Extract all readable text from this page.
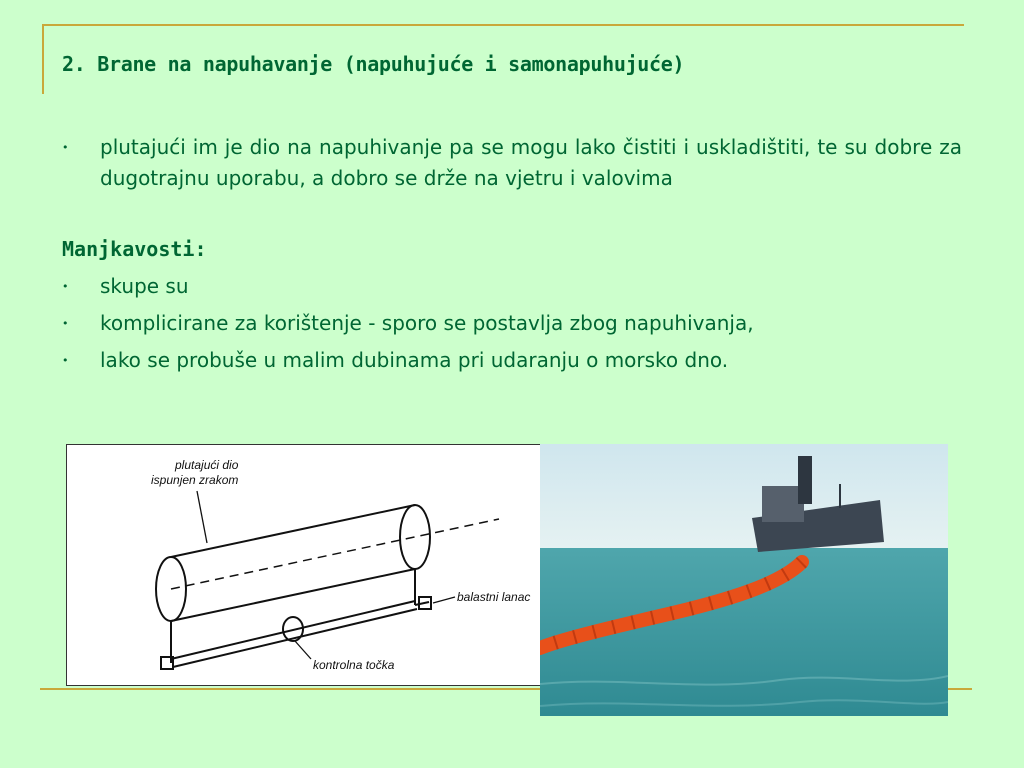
2. Brane na napuhavanje (napuhujuće i samonapuhujuće)
•	plutajući im je dio na napuhivanje pa se mogu lako čistiti i uskladištiti, te su dobre za dugotrajnu uporabu, a dobro se drže na vjetru i valovima
Manjkavosti:
•	skupe su
•	komplicirane za korištenje - sporo se postavlja zbog napuhivanja,
•	lako se probuše u malim dubinama pri udaranju o morsko dno.
plutajući dio
ispunjen zrakom
balastni lanac
kontrolna točka
